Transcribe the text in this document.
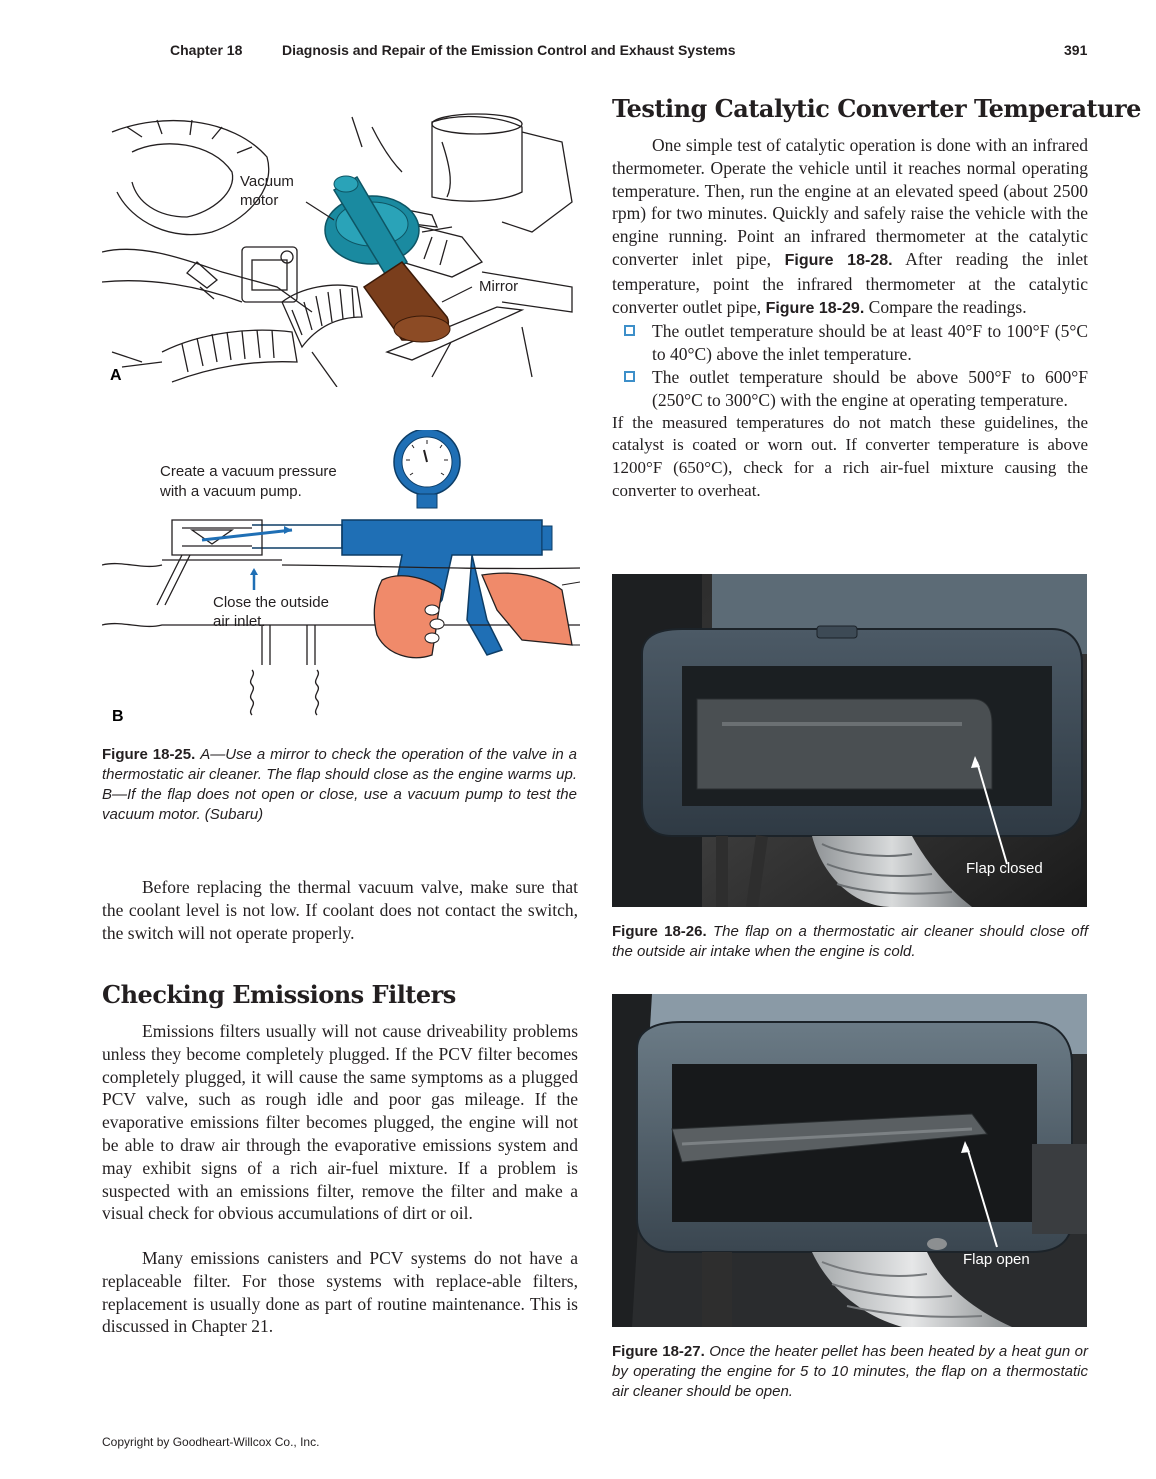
Chapter 18	Diagnosis and Repair of the Emission Control and Exhaust Systems	391
Vacuum
motor
Mirror
A
Create a vacuum pressure
with a vacuum pump.
Close the outside
air inlet.
B

Figure 18-25. A—Use a mirror to check the operation of the valve in a thermostatic air cleaner. The flap should close as the engine warms up. B—If the flap does not open or close, use a vacuum pump to test the vacuum motor. (Subaru)

Before replacing the thermal vacuum valve, make sure that the coolant level is not low. If coolant does not contact the switch, the switch will not operate properly.

Checking Emissions Filters

Emissions filters usually will not cause driveability problems unless they become completely plugged. If the PCV filter becomes completely plugged, it will cause the same symptoms as a plugged PCV valve, such as rough idle and poor gas mileage. If the evaporative emissions filter becomes plugged, the engine will not be able to draw air through the evaporative emissions system and may exhibit signs of a rich air-fuel mixture. If a problem is suspected with an emissions filter, remove the filter and make a visual check for obvious accumulations of dirt or oil.

Many emissions canisters and PCV systems do not have a replaceable filter. For those systems with replace-able filters, replacement is usually done as part of routine maintenance. This is discussed in Chapter 21.

Testing Catalytic Converter Temperature

One simple test of catalytic operation is done with an infrared thermometer. Operate the vehicle until it reaches normal operating temperature. Then, run the engine at an elevated speed (about 2500 rpm) for two minutes. Quickly and safely raise the vehicle with the engine running. Point an infrared thermometer at the catalytic converter inlet pipe, Figure 18-28. After reading the inlet temperature, point the infrared thermometer at the catalytic converter outlet pipe, Figure 18-29. Compare the readings.

The outlet temperature should be at least 40°F to 100°F (5°C to 40°C) above the inlet temperature.
The outlet temperature should be above 500°F to 600°F (250°C to 300°C) with the engine at operating temperature.

If the measured temperatures do not match these guidelines, the catalyst is coated or worn out. If converter temperature is above 1200°F (650°C), check for a rich air-fuel mixture causing the converter to overheat.

Flap closed

Figure 18-26. The flap on a thermostatic air cleaner should close off the outside air intake when the engine is cold.

Flap open

Figure 18-27. Once the heater pellet has been heated by a heat gun or by operating the engine for 5 to 10 minutes, the flap on a thermostatic air cleaner should be open.

Copyright by Goodheart-Willcox Co., Inc.
